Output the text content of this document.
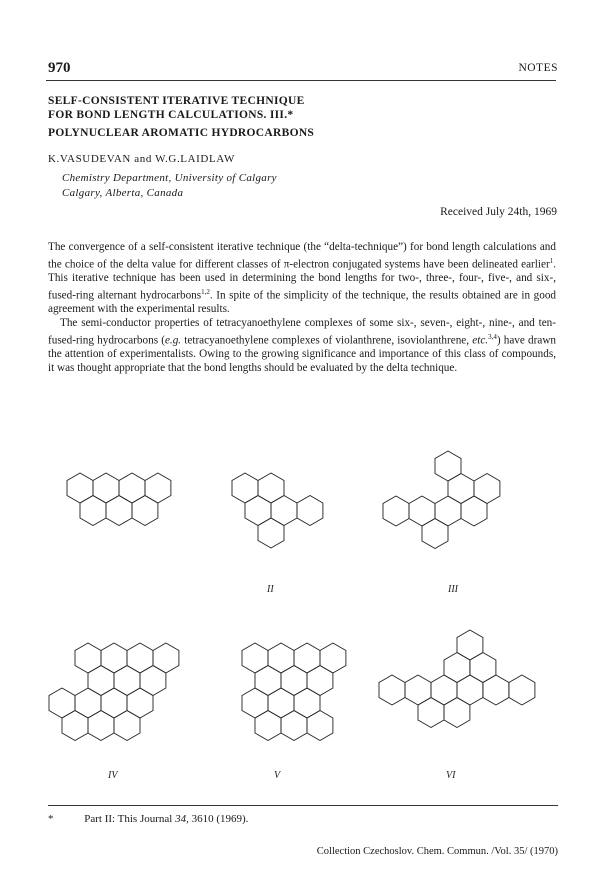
970	NOTES
SELF-CONSISTENT ITERATIVE TECHNIQUE
FOR BOND LENGTH CALCULATIONS. III.*
POLYNUCLEAR AROMATIC HYDROCARBONS
K.VASUDEVAN and W.G.LAIDLAW
Chemistry Department, University of Calgary
Calgary, Alberta, Canada
Received July 24th, 1969

The convergence of a self-consistent iterative technique (the “delta-technique”) for bond length calculations and the choice of the delta value for different classes of π-electron conjugated systems have been delineated earlier$^1$. This iterative technique has been used in determining the bond lengths for two-, three-, four-, five-, and six-, fused-ring alternant hydrocarbons$^{1,2}$. In spite of the simplicity of the technique, the results obtained are in good agreement with the experimental results.

The semi-conductor properties of tetracyanoethylene complexes of some six-, seven-, eight-, nine-, and ten- fused-ring hydrocarbons (e.g. tetracyanoethylene complexes of violanthrene, isoviolanthrene, etc.$^{3,4}$) have drawn the attention of experimentalists. Owing to the growing significance and importance of this class of compounds, it was thought appropriate that the bond lengths should be evaluated by the delta technique.

II	III
IV	V	VI
*	Part II: This Journal 34, 3610 (1969).
Collection Czechoslov. Chem. Commun. /Vol. 35/ (1970)
